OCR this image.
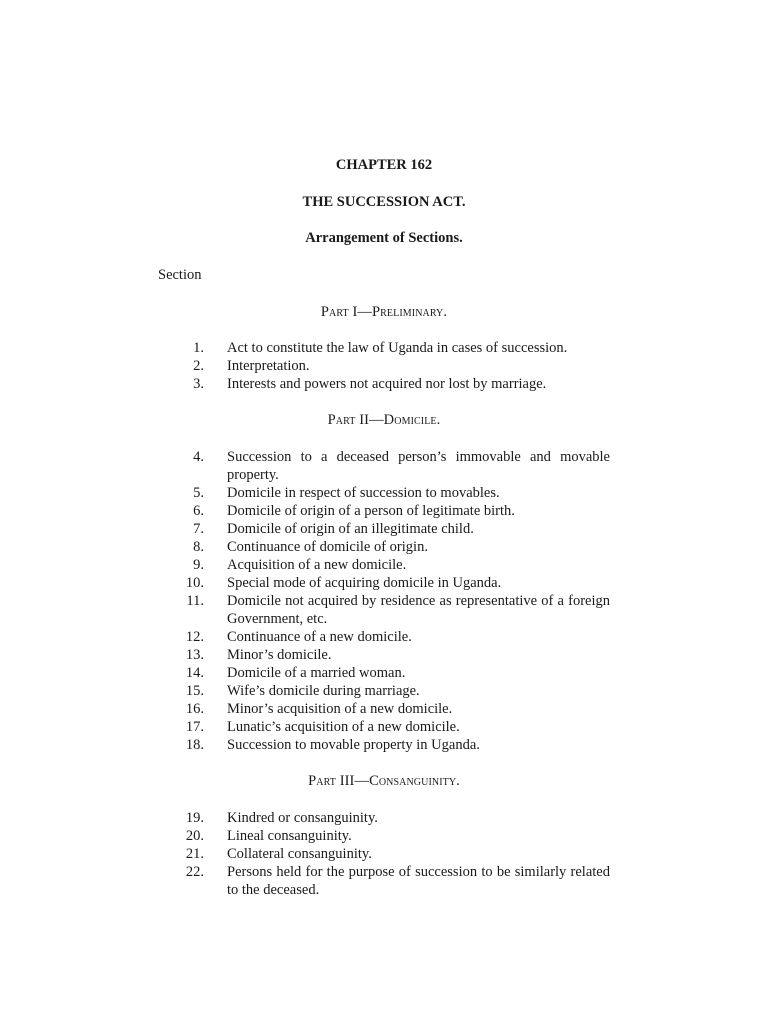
CHAPTER 162
THE SUCCESSION ACT.
Arrangement of Sections.
Section
Part I—Preliminary.
1. Act to constitute the law of Uganda in cases of succession.
2. Interpretation.
3. Interests and powers not acquired nor lost by marriage.
Part II—Domicile.
4. Succession to a deceased person’s immovable and movable property.
5. Domicile in respect of succession to movables.
6. Domicile of origin of a person of legitimate birth.
7. Domicile of origin of an illegitimate child.
8. Continuance of domicile of origin.
9. Acquisition of a new domicile.
10. Special mode of acquiring domicile in Uganda.
11. Domicile not acquired by residence as representative of a foreign Government, etc.
12. Continuance of a new domicile.
13. Minor’s domicile.
14. Domicile of a married woman.
15. Wife’s domicile during marriage.
16. Minor’s acquisition of a new domicile.
17. Lunatic’s acquisition of a new domicile.
18. Succession to movable property in Uganda.
Part III—Consanguinity.
19. Kindred or consanguinity.
20. Lineal consanguinity.
21. Collateral consanguinity.
22. Persons held for the purpose of succession to be similarly related to the deceased.
